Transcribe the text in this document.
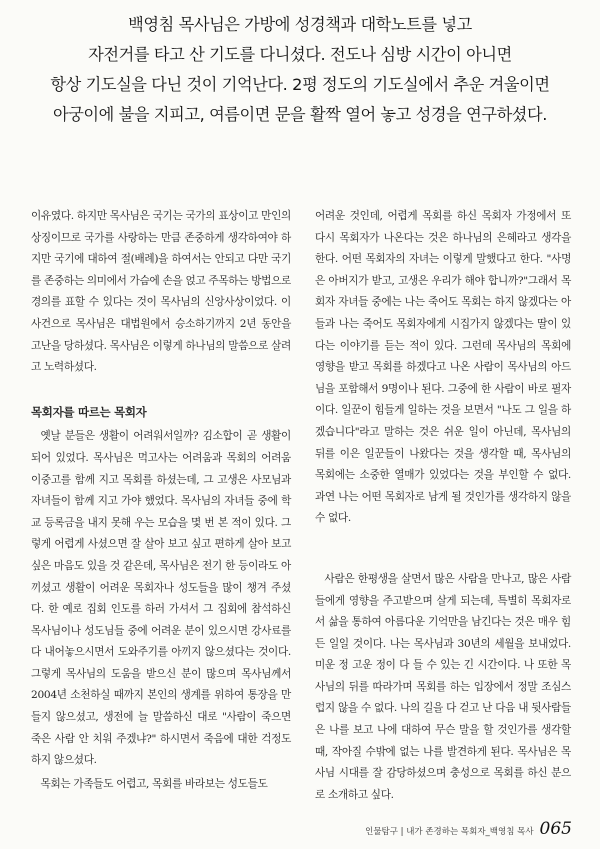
백영침 목사님은 가방에 성경책과 대학노트를 넣고
자전거를 타고 산 기도를 다니셨다. 전도나 심방 시간이 아니면
항상 기도실을 다닌 것이 기억난다. 2평 정도의 기도실에서 추운 겨울이면
아궁이에 불을 지피고, 여름이면 문을 활짝 열어 놓고 성경을 연구하셨다.

이유였다. 하지만 목사님은 국기는 국가의 표상이고 만인의 상징이므로 국가를 사랑하는 만큼 존중하게 생각하여야 하지만 국기에 대하여 절(배례)을 하여서는 안되고 다만 국기를 존중하는 의미에서 가슴에 손을 얹고 주목하는 방법으로 경의를 표할 수 있다는 것이 목사님의 신앙사상이었다. 이 사건으로 목사님은 대법원에서 승소하기까지 2년 동안을 고난을 당하셨다. 목사님은 이렇게 하나님의 말씀으로 살려고 노력하셨다.

목회자를 따르는 목회자

옛날 분들은 생활이 어려워서일까? 김소합이 곧 생활이 되어 있었다. 목사님은 먹고사는 어려움과 목회의 어려움 이중고를 함께 지고 목회를 하셨는데, 그 고생은 사모님과 자녀들이 함께 지고 가야 했었다. 목사님의 자녀들 중에 학교 등록금을 내지 못해 우는 모습을 몇 번 본 적이 있다. 그렇게 어렵게 사셨으면 잘 살아 보고 싶고 편하게 살아 보고 싶은 마음도 있을 것 같은데, 목사님은 전기 한 등이라도 아끼셨고 생활이 어려운 목회자나 성도들을 많이 챙겨 주셨다. 한 예로 집회 인도를 하러 가셔서 그 집회에 참석하신 목사님이나 성도님들 중에 어려운 분이 있으시면 강사료를 다 내어놓으시면서 도와주기를 아끼지 않으셨다는 것이다. 그렇게 목사님의 도움을 받으신 분이 많으며 목사님께서 2004년 소천하실 때까지 본인의 생계를 위하여 통장을 만들지 않으셨고, 생전에 늘 말씀하신 대로 "사람이 죽으면 죽은 사람 안 치워 주겠냐?" 하시면서 죽음에 대한 걱정도 하지 않으셨다.

목회는 가족들도 어렵고, 목회를 바라보는 성도들도

어려운 것인데, 어렵게 목회를 하신 목회자 가정에서 또 다시 목회자가 나온다는 것은 하나님의 은혜라고 생각을 한다. 어떤 목회자의 자녀는 이렇게 말했다고 한다. "사명은 아버지가 받고, 고생은 우리가 해야 합니까?"그래서 목회자 자녀들 중에는 나는 죽어도 목회는 하지 않겠다는 아들과 나는 죽어도 목회자에게 시집가지 않겠다는 딸이 있다는 이야기를 듣는 적이 있다. 그런데 목사님의 목회에 영향을 받고 목회를 하겠다고 나온 사람이 목사님의 아드님을 포함해서 9명이나 된다. 그중에 한 사람이 바로 필자이다. 일꾼이 힘들게 일하는 것을 보면서 "나도 그 일을 하겠습니다"라고 말하는 것은 쉬운 일이 아닌데, 목사님의 뒤를 이은 일꾼들이 나왔다는 것을 생각할 때, 목사님의 목회에는 소중한 열매가 있었다는 것을 부인할 수 없다. 과연 나는 어떤 목회자로 남게 될 것인가를 생각하지 않을 수 없다.

사람은 한평생을 살면서 많은 사람을 만나고, 많은 사람들에게 영향을 주고받으며 살게 되는데, 특별히 목회자로서 삶을 통하여 아름다운 기억만을 남긴다는 것은 매우 힘든 일일 것이다. 나는 목사님과 30년의 세월을 보내었다. 미운 정 고운 정이 다 들 수 있는 긴 시간이다. 나 또한 목사님의 뒤를 따라가며 목회를 하는 입장에서 정말 조심스럽지 않을 수 없다. 나의 길을 다 걷고 난 다음 내 뒷사람들은 나를 보고 나에 대하여 무슨 말을 할 것인가를 생각할 때, 작아질 수밖에 없는 나를 발견하게 된다. 목사님은 목사님 시대를 잘 감당하셨으며 충성으로 목회를 하신 분으로 소개하고 싶다.

인물탐구 | 내가 존경하는 목회자_백영침 목사 065
